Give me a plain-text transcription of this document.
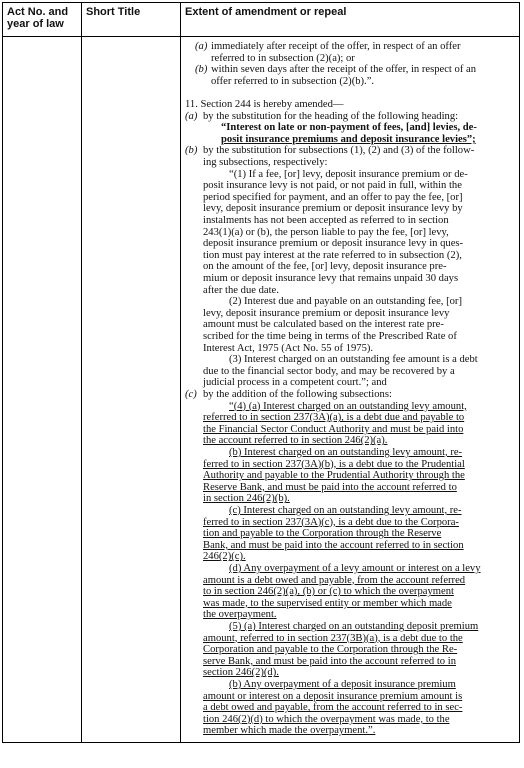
Act No. and year of law
Short Title	Extent of amendment or repeal
(a) immediately after receipt of the offer, in respect of an offer
referred to in subsection (2)(a); or
(b) within seven days after the receipt of the offer, in respect of an
offer referred to in subsection (2)(b).”.
11. Section 244 is hereby amended—
(a) by the substitution for the heading of the following heading:
“Interest on late or non-payment of fees, [and] levies, de-
posit insurance premiums and deposit insurance levies”;
(b) by the substitution for subsections (1), (2) and (3) of the follow-
ing subsections, respectively:
“(1) If a fee, [or] levy, deposit insurance premium or de-
posit insurance levy is not paid, or not paid in full, within the
period specified for payment, and an offer to pay the fee, [or]
levy, deposit insurance premium or deposit insurance levy by
instalments has not been accepted as referred to in section
243(1)(a) or (b), the person liable to pay the fee, [or] levy,
deposit insurance premium or deposit insurance levy in ques-
tion must pay interest at the rate referred to in subsection (2),
on the amount of the fee, [or] levy, deposit insurance pre-
mium or deposit insurance levy that remains unpaid 30 days
after the due date.
(2) Interest due and payable on an outstanding fee, [or]
levy, deposit insurance premium or deposit insurance levy
amount must be calculated based on the interest rate pre-
scribed for the time being in terms of the Prescribed Rate of
Interest Act, 1975 (Act No. 55 of 1975).
(3) Interest charged on an outstanding fee amount is a debt
due to the financial sector body, and may be recovered by a
judicial process in a competent court.”; and
(c) by the addition of the following subsections:
“(4) (a) Interest charged on an outstanding levy amount,
referred to in section 237(3A)(a), is a debt due and payable to
the Financial Sector Conduct Authority and must be paid into
the account referred to in section 246(2)(a).
(b) Interest charged on an outstanding levy amount, re-
ferred to in section 237(3A)(b), is a debt due to the Prudential
Authority and payable to the Prudential Authority through the
Reserve Bank, and must be paid into the account referred to
in section 246(2)(b).
(c) Interest charged on an outstanding levy amount, re-
ferred to in section 237(3A)(c), is a debt due to the Corpora-
tion and payable to the Corporation through the Reserve
Bank, and must be paid into the account referred to in section
246(2)(c).
(d) Any overpayment of a levy amount or interest on a levy
amount is a debt owed and payable, from the account referred
to in section 246(2)(a), (b) or (c) to which the overpayment
was made, to the supervised entity or member which made
the overpayment.
(5) (a) Interest charged on an outstanding deposit premium
amount, referred to in section 237(3B)(a), is a debt due to the
Corporation and payable to the Corporation through the Re-
serve Bank, and must be paid into the account referred to in
section 246(2)(d).
(b) Any overpayment of a deposit insurance premium
amount or interest on a deposit insurance premium amount is
a debt owed and payable, from the account referred to in sec-
tion 246(2)(d) to which the overpayment was made, to the
member which made the overpayment.”.
